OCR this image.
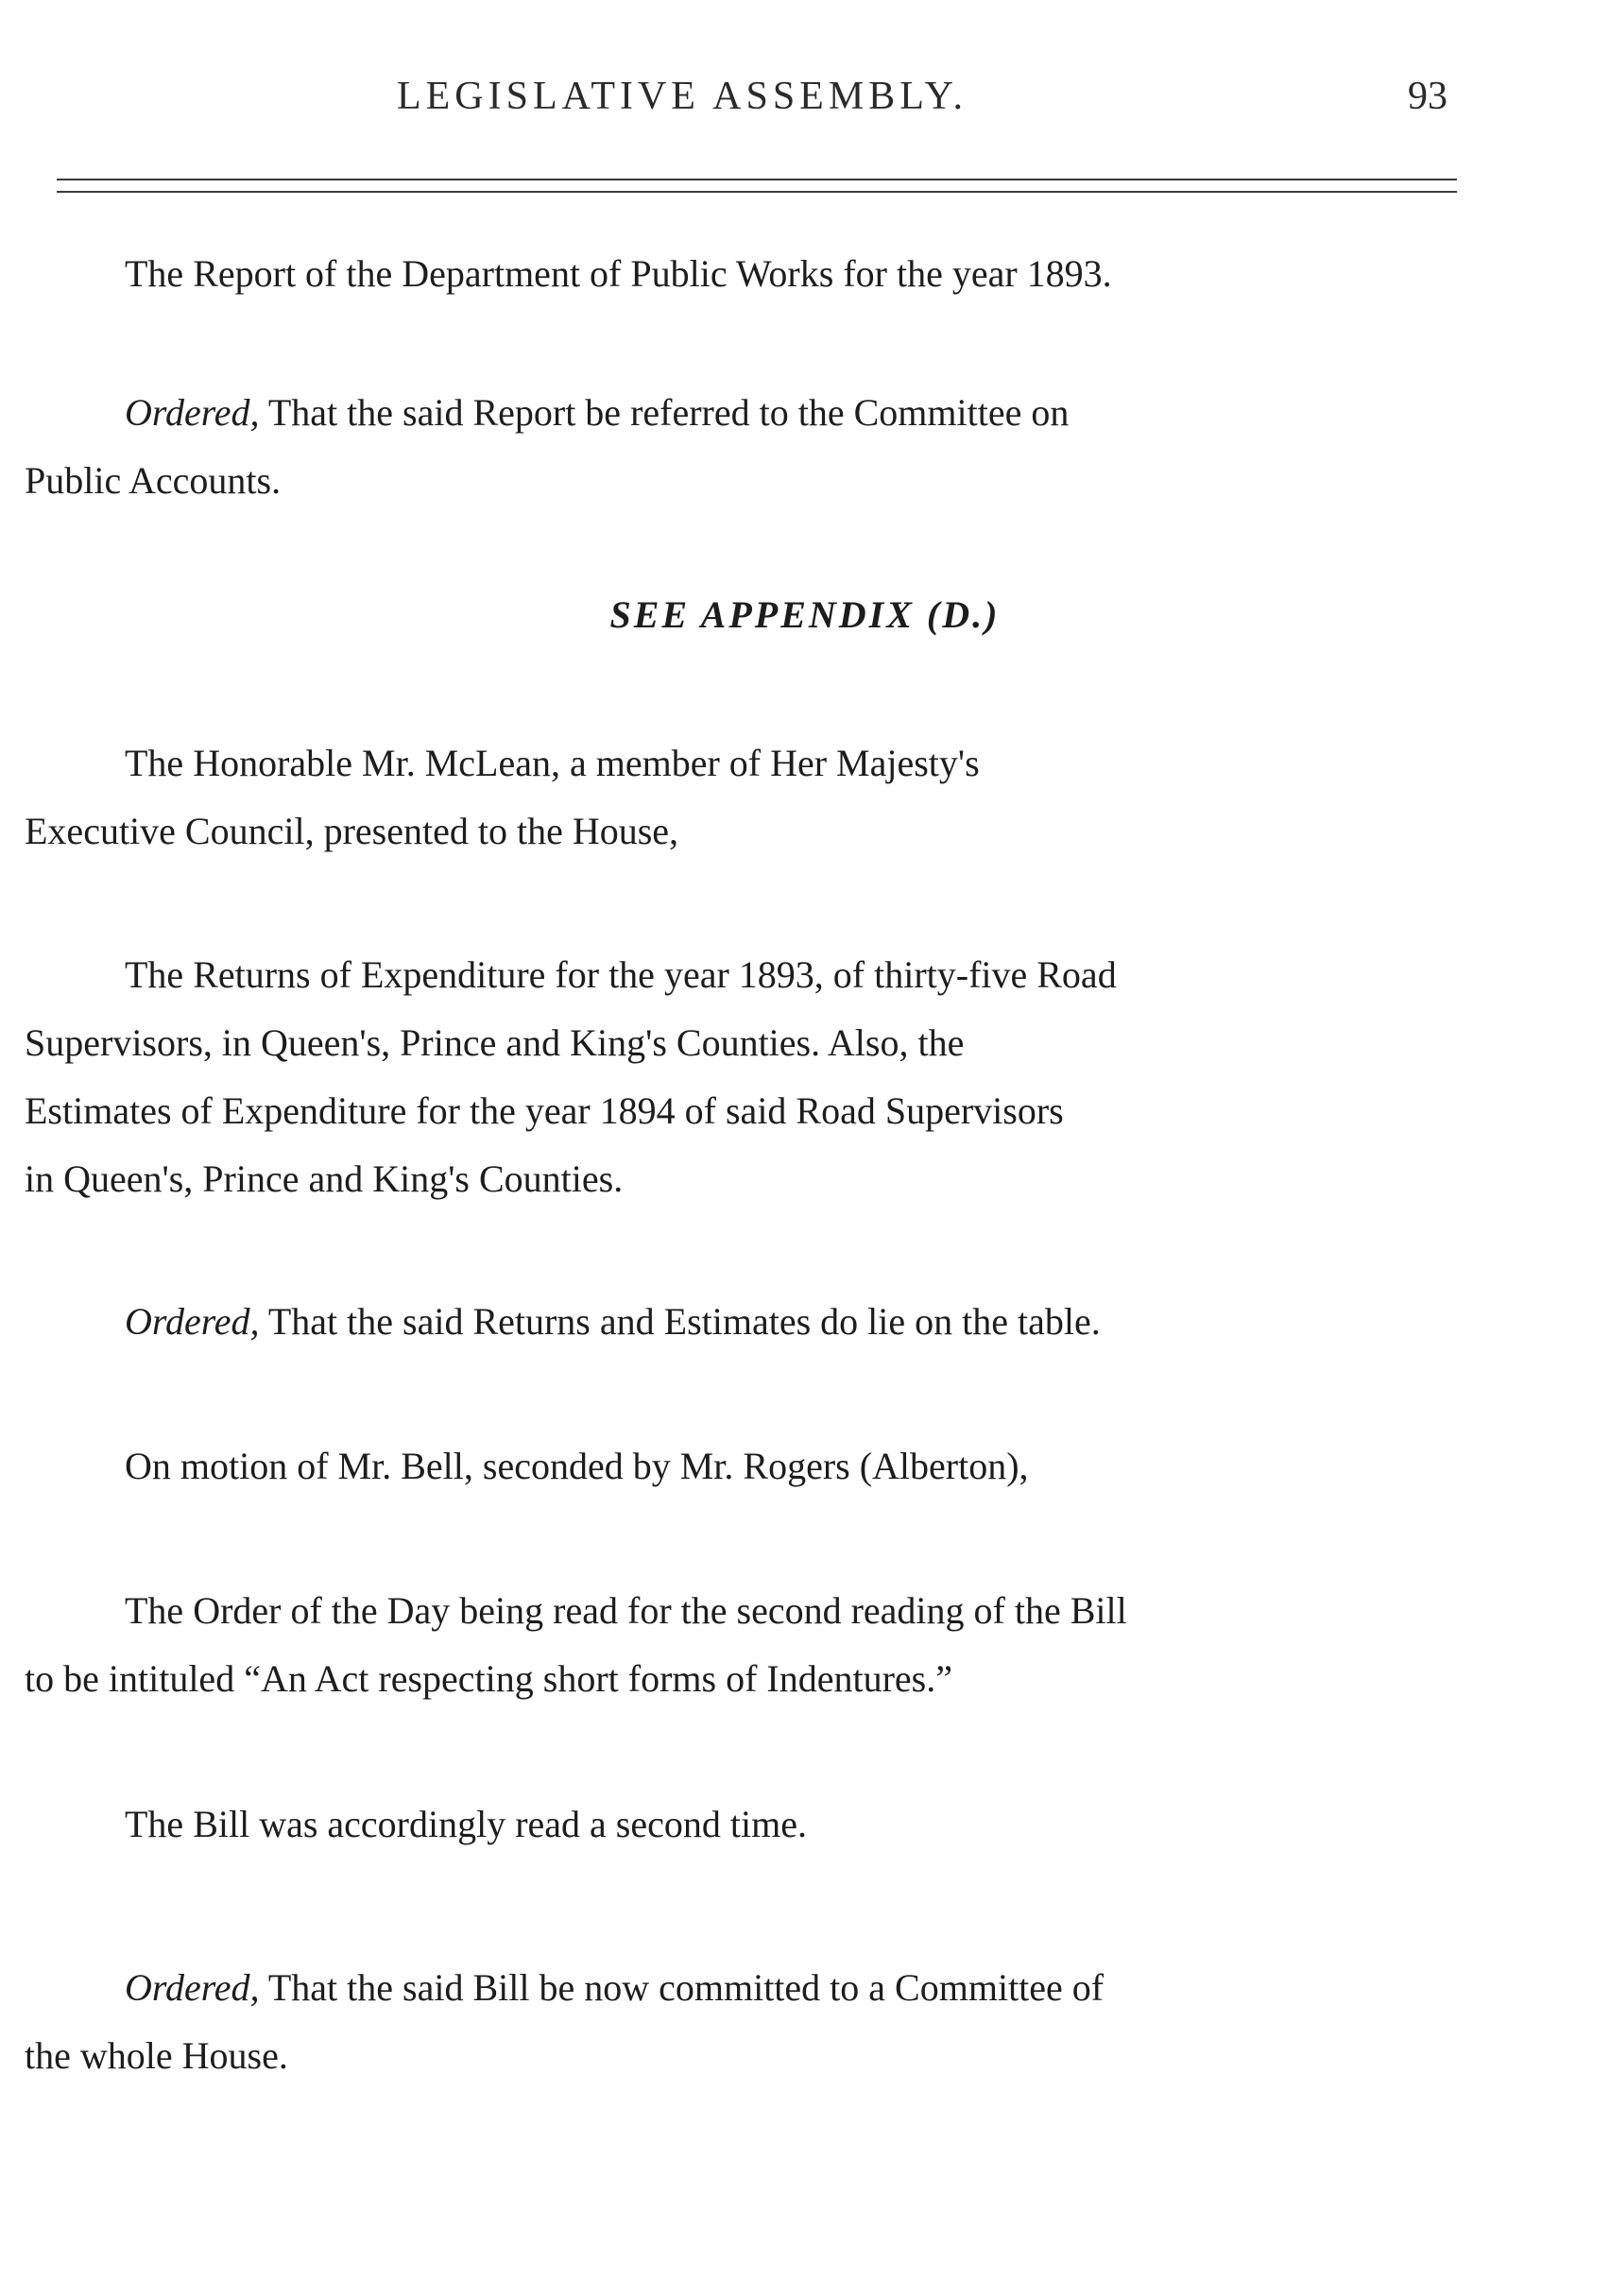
LEGISLATIVE ASSEMBLY.	93

The Report of the Department of Public Works for the year 1893.

Ordered, That the said Report be referred to the Committee on
Public Accounts.

SEE APPENDIX (D.)

The Honorable Mr. McLean, a member of Her Majesty's
Executive Council, presented to the House,

The Returns of Expenditure for the year 1893, of thirty-five Road
Supervisors, in Queen's, Prince and King's Counties. Also, the
Estimates of Expenditure for the year 1894 of said Road Supervisors
in Queen's, Prince and King's Counties.

Ordered, That the said Returns and Estimates do lie on the table.

On motion of Mr. Bell, seconded by Mr. Rogers (Alberton),

The Order of the Day being read for the second reading of the Bill
to be intituled “An Act respecting short forms of Indentures.”

The Bill was accordingly read a second time.

Ordered, That the said Bill be now committed to a Committee of
the whole House.
